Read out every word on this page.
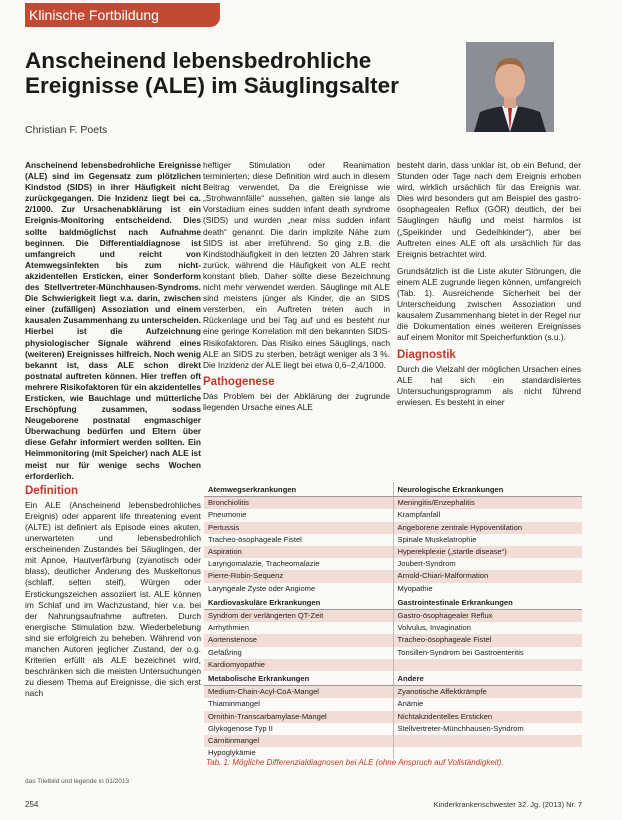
Klinische Fortbildung
Anscheinend lebensbedrohliche
Ereignisse (ALE) im Säuglingsalter
Christian F. Poets

Anscheinend lebensbedrohliche Ereignisse (ALE) sind im Gegensatz zum plötzlichen Kindstod (SIDS) in ihrer Häufigkeit nicht zurückgegangen. Die Inzidenz liegt bei ca. 2/1000. Zur Ursachenabklärung ist ein Ereignis-Monitoring entscheidend. Dies sollte baldmöglichst nach Aufnahme beginnen. Die Differentialdiagnose ist umfangreich und reicht von Atemwegsinfekten bis zum nicht-akzidentellen Ersticken, einer Sonderform des Stellvertreter-Münchhausen-Syndroms. Die Schwierigkeit liegt v.a. darin, zwischen einer (zufälligen) Assoziation und einem kausalen Zusammenhang zu unterscheiden. Hierbei ist die Aufzeichnung physiologischer Signale während eines (weiteren) Ereignisses hilfreich. Noch wenig bekannt ist, dass ALE schon direkt postnatal auftreten können. Hier treffen oft mehrere Risikofaktoren für ein akzidentelles Ersticken, wie Bauchlage und mütterliche Erschöpfung zusammen, sodass Neugeborene postnatal engmaschiger Überwachung bedürfen und Eltern über diese Gefahr informiert werden sollten. Ein Heimmonitoring (mit Speicher) nach ALE ist meist nur für wenige sechs Wochen erforderlich.

Definition

Ein ALE (Anscheinend lebensbedrohliches Ereignis) oder apparent life threatening event (ALTE) ist definiert als Episode eines akuten, unerwarteten und lebensbedrohlich erscheinenden Zustandes bei Säuglingen, der mit Apnoe, Hautverfärbung (zyanotisch oder blass), deutlicher Änderung des Muskeltonus (schlaff, selten steif), Würgen oder Erstickungszeichen assoziiert ist. ALE können im Schlaf und im Wachzustand, hier v.a. bei der Nahrungsaufnahme auftreten. Durch energische Stimulation bzw. Wiederbelebung sind sie erfolgreich zu beheben. Während von manchen Autoren jeglicher Zustand, der o.g. Kriterien erfüllt als ALE bezeichnet wird, beschränken sich die meisten Untersuchungen zu diesem Thema auf Ereignisse, die sich erst nach

das Titelbild und legende in 01/2013

heftiger Stimulation oder Reanimation terminierten; diese Definition wird auch in diesem Beitrag verwendet. Da die Ereignisse wie „Strohwannfälle“ aussehen, galten sie lange als Vorstadium eines sudden infant death syndrome (SIDS) und wurden „near miss sudden infant death“ genannt. Die darin implizite Nähe zum SIDS ist aber irreführend. So ging z.B. die Kindstodhäufigkeit in den letzten 20 Jahren stark zurück, während die Häufigkeit von ALE recht konstant blieb. Daher sollte diese Bezeichnung nicht mehr verwendet werden. Säuglinge mit ALE sind meistens jünger als Kinder, die an SIDS versterben, ein Auftreten treten auch in Rückenlage und bei Tag auf und es besteht nur eine geringe Korrelation mit den bekannten SIDS-Risikofaktoren. Das Risiko eines Säuglings, nach ALE an SIDS zu sterben, beträgt weniger als 3 %. Die Inzidenz der ALE liegt bei etwa 0,6–2,4/1000.

Pathogenese

Das Problem bei der Abklärung der zugrunde liegenden Ursache eines ALE

besteht darin, dass unklar ist, ob ein Befund, der Stunden oder Tage nach dem Ereignis erhoben wird, wirklich ursächlich für das Ereignis war. Dies wird besonders gut am Beispiel des gastro-ösophagealen Reflux (GÖR) deutlich, der bei Säuglingen häufig und meist harmlos ist („Speikinder und Gedeihkinder“), aber bei Auftreten eines ALE oft als ursächlich für das Ereignis betrachtet wird.

Grundsätzlich ist die Liste akuter Störungen, die einem ALE zugrunde liegen können, umfangreich (Tab. 1). Ausreichende Sicherheit bei der Unterscheidung zwischen Assoziation und kausalem Zusammenhang bietet in der Regel nur die Dokumentation eines weiteren Ereignisses auf einem Monitor mit Speicherfunktion (s.u.).

Diagnostik

Durch die Vielzahl der möglichen Ursachen eines ALE hat sich ein standardisiertes Untersuchungsprogramm als nicht führend erwiesen. Es besteht in einer

Atemwegserkrankungen	Neurologische Erkrankungen
Bronchiolitis	Meningitis/Enzephalitis
Pneumonie	Krampfanfall
Pertussis	Angeborene zentrale Hypoventilation
Tracheo-ösophageale Fistel	Spinale Muskelatrophie
Aspiration	Hyperekplexie („startle disease“)
Laryngomalazie, Tracheomalazie	Joubert-Syndrom
Pierre-Robin-Sequenz	Arnold-Chiari-Malformation
Laryngeale Zyste oder Angiome	Myopathie
Kardiovaskuläre Erkrankungen	Gastrointestinale Erkrankungen
Syndrom der verlängerten QT-Zeit	Gastro-ösophagealer Reflux
Arrhythmien	Volvulus, Invagination
Aortenstenose	Tracheo-ösophageale Fistel
Gefäßring	Tonsillen-Syndrom bei Gastroenteritis
Kardiomyopathie	
Metabolische Erkrankungen	Andere
Medium-Chain-Acyl-CoA-Mangel	Zyanotische Affektkrämpfe
Thiaminmangel	Anämie
Ornithin-Transcarbamylase-Mangel	Nichtakzidentelles Ersticken
Glykogenose Typ II	Stellvertreter-Münchhausen-Syndrom
Carnitinmangel	
Hypoglykämie	
Tab. 1: Mögliche Differenzialdiagnosen bei ALE (ohne Anspruch auf Vollständigkeit).
254	Kinderkrankenschwester 32. Jg. (2013) Nr. 7
